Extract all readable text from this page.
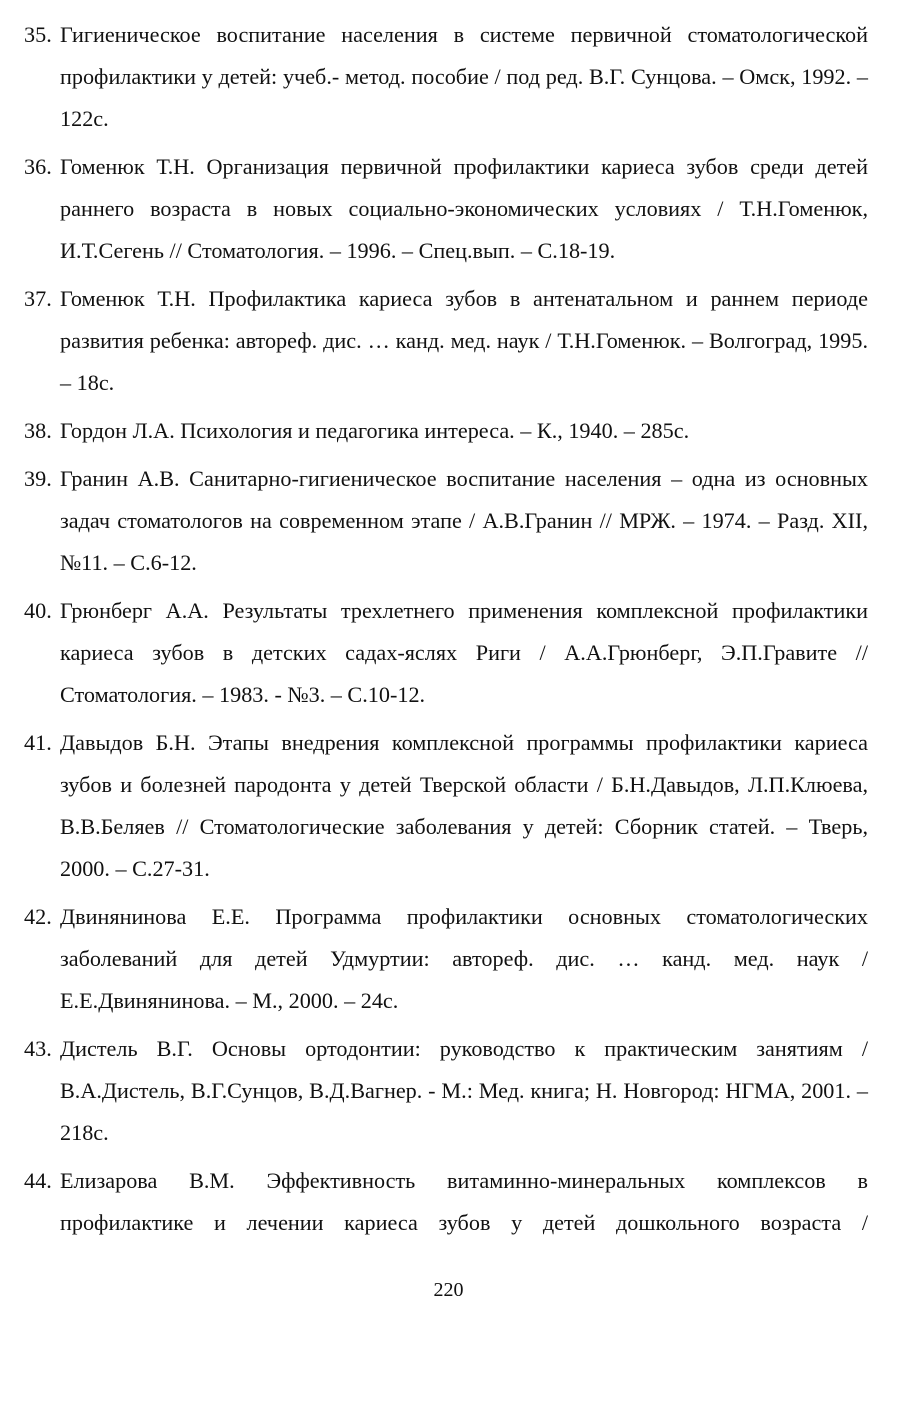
35. Гигиеническое воспитание населения в системе первичной стоматологической профилактики у детей: учеб.- метод. пособие / под ред. В.Г. Сунцова. – Омск, 1992. – 122с.
36. Гоменюк Т.Н. Организация первичной профилактики кариеса зубов среди детей раннего возраста в новых социально-экономических условиях / Т.Н.Гоменюк, И.Т.Сегень // Стоматология. – 1996. – Спец.вып. – С.18-19.
37. Гоменюк Т.Н. Профилактика кариеса зубов в антенатальном и раннем периоде развития ребенка: автореф. дис. … канд. мед. наук / Т.Н.Гоменюк. – Волгоград, 1995. – 18с.
38. Гордон Л.А. Психология и педагогика интереса. – К., 1940. – 285с.
39. Гранин А.В. Санитарно-гигиеническое воспитание населения – одна из основных задач стоматологов на современном этапе / А.В.Гранин // МРЖ. – 1974. – Разд. XII, №11. – С.6-12.
40. Грюнберг А.А. Результаты трехлетнего применения комплексной профилактики кариеса зубов в детских садах-яслях Риги / А.А.Грюнберг, Э.П.Гравите // Стоматология. – 1983. - №3. – С.10-12.
41. Давыдов Б.Н. Этапы внедрения комплексной программы профилактики кариеса зубов и болезней пародонта у детей Тверской области / Б.Н.Давыдов, Л.П.Клюева, В.В.Беляев // Стоматологические заболевания у детей: Сборник статей. – Тверь, 2000. – С.27-31.
42. Двинянинова Е.Е. Программа профилактики основных стоматологических заболеваний для детей Удмуртии: автореф. дис. … канд. мед. наук / Е.Е.Двинянинова. – М., 2000. – 24с.
43. Дистель В.Г. Основы ортодонтии: руководство к практическим занятиям / В.А.Дистель, В.Г.Сунцов, В.Д.Вагнер. - М.: Мед. книга; Н. Новгород: НГМА, 2001. – 218с.
44. Елизарова В.М. Эффективность витаминно-минеральных комплексов в профилактике и лечении кариеса зубов у детей дошкольного возраста /
220
